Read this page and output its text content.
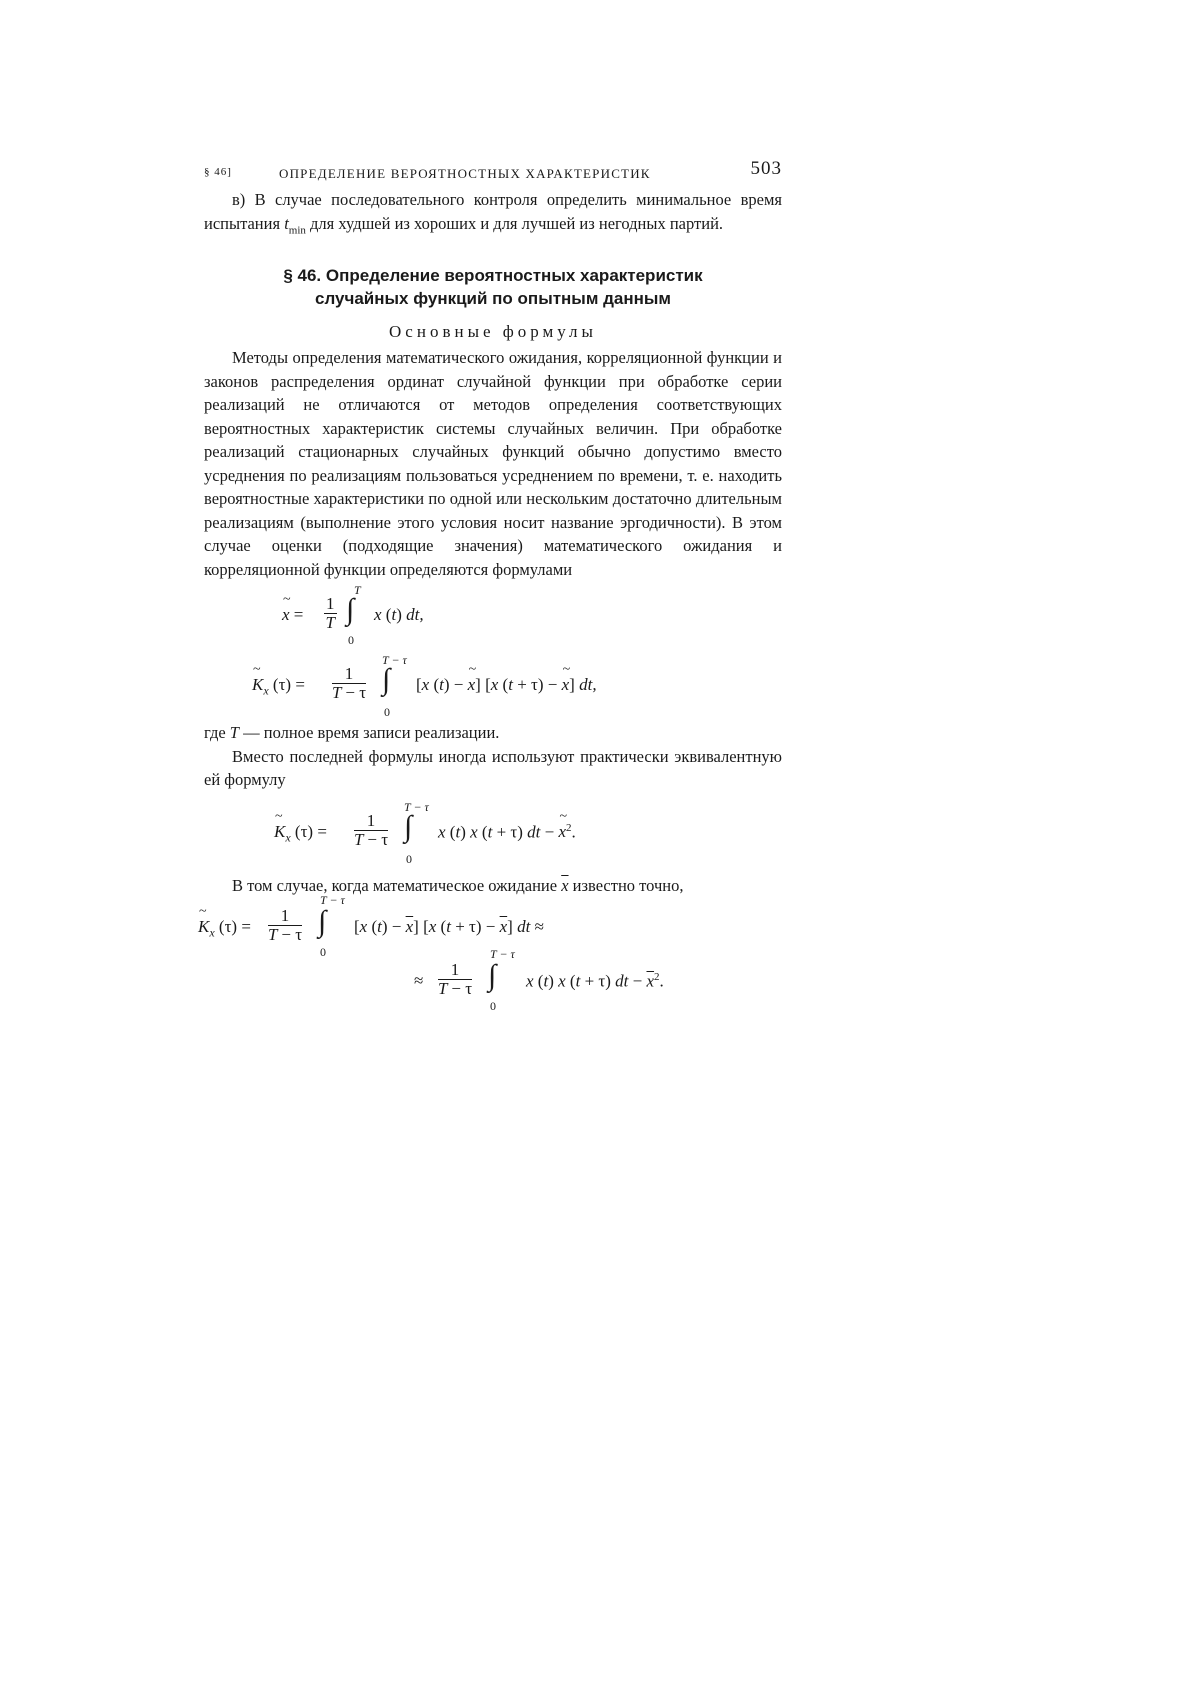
§ 46]	ОПРЕДЕЛЕНИЕ ВЕРОЯТНОСТНЫХ ХАРАКТЕРИСТИК	503

в) В случае последовательного контроля определить минимальное время испытания $t_{min}$ для худшей из хороших и для лучшей из негодных партий.

§ 46. Определение вероятностных характеристик
случайных функций по опытным данным
Основные формулы

Методы определения математического ожидания, корреляционной функции и законов распределения ординат случайной функции при обработке серии реализаций не отличаются от методов определения соответствующих вероятностных характеристик системы случайных величин. При обработке реализаций стационарных случайных функций обычно допустимо вместо усреднения по реализациям пользоваться усреднением по времени, т. е. находить вероятностные характеристики по одной или нескольким достаточно длительным реализациям (выполнение этого условия носит название эргодичности). В этом случае оценки (подходящие значения) математического ожидания и корреляционной функции определяются формулами

~ $x = \frac{1}{T}$ ∫
T
0
x (t) dt,
~ $K_x$ $(\tau) = \frac{1}{T - \tau}$ ∫
T − τ
0
[x (t) − ~ x] [x (t + τ) − ~ x] dt,

где T — полное время записи реализации.

Вместо последней формулы иногда используют практически эквивалентную ей формулу

~ $K_x$ $(\tau) = \frac{1}{T - \tau}$ ∫
T − τ
0
x (t) x (t + τ) dt − ~ $x^2$.

В том случае, когда математическое ожидание $\overline{x}$ известно точно,

~ $K_x$ $(\tau) = \frac{1}{T - \tau}$ ∫
T − τ
0
[x $(t) - \overline{x}$] [x $(t + \tau) - \overline{x}$] dt ≈
≈ $\frac{1}{T - \tau}$ ∫
T − τ
0
x (t) x (t + τ) dt − $\overline{x}^2$.
